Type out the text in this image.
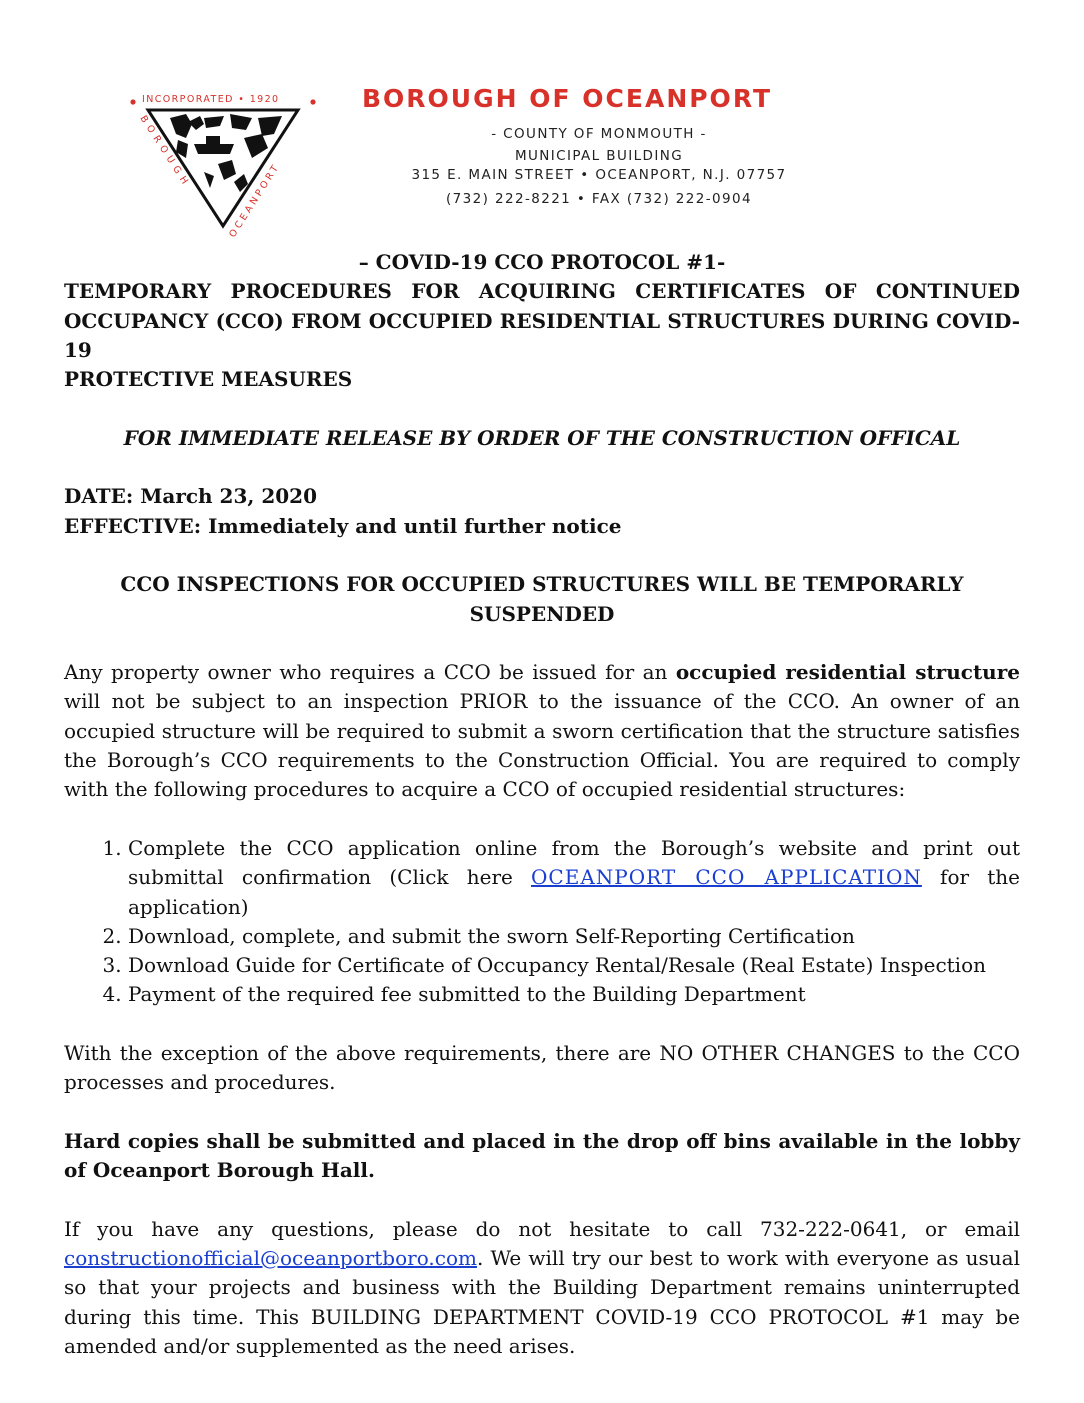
INCORPORATED • 1920
BOROUGH
OCEANPORT
BOROUGH OF OCEANPORT
- COUNTY OF MONMOUTH -
MUNICIPAL BUILDING
315 E. MAIN STREET • OCEANPORT, N.J. 07757
(732) 222-8221 • FAX (732) 222-0904

– COVID-19 CCO PROTOCOL #1-

TEMPORARY PROCEDURES FOR ACQUIRING CERTIFICATES OF CONTINUED

OCCUPANCY (CCO) FROM OCCUPIED RESIDENTIAL STRUCTURES DURING COVID-19

PROTECTIVE MEASURES

FOR IMMEDIATE RELEASE BY ORDER OF THE CONSTRUCTION OFFICAL

DATE: March 23, 2020

EFFECTIVE: Immediately and until further notice

CCO INSPECTIONS FOR OCCUPIED STRUCTURES WILL BE TEMPORARLY SUSPENDED

Any property owner who requires a CCO be issued for an occupied residential structure will not be subject to an inspection PRIOR to the issuance of the CCO. An owner of an occupied structure will be required to submit a sworn certification that the structure satisfies the Borough’s CCO requirements to the Construction Official. You are required to comply with the following procedures to acquire a CCO of occupied residential structures:

1. Complete the CCO application online from the Borough’s website and print out submittal confirmation (Click here OCEANPORT CCO APPLICATION for the application)
2. Download, complete, and submit the sworn Self-Reporting Certification
3. Download Guide for Certificate of Occupancy Rental/Resale (Real Estate) Inspection
4. Payment of the required fee submitted to the Building Department

With the exception of the above requirements, there are NO OTHER CHANGES to the CCO processes and procedures.

Hard copies shall be submitted and placed in the drop off bins available in the lobby of Oceanport Borough Hall.

If you have any questions, please do not hesitate to call 732-222-0641, or email constructionofficial@oceanportboro.com. We will try our best to work with everyone as usual so that your projects and business with the Building Department remains uninterrupted during this time. This BUILDING DEPARTMENT COVID-19 CCO PROTOCOL #1 may be amended and/or supplemented as the need arises.
